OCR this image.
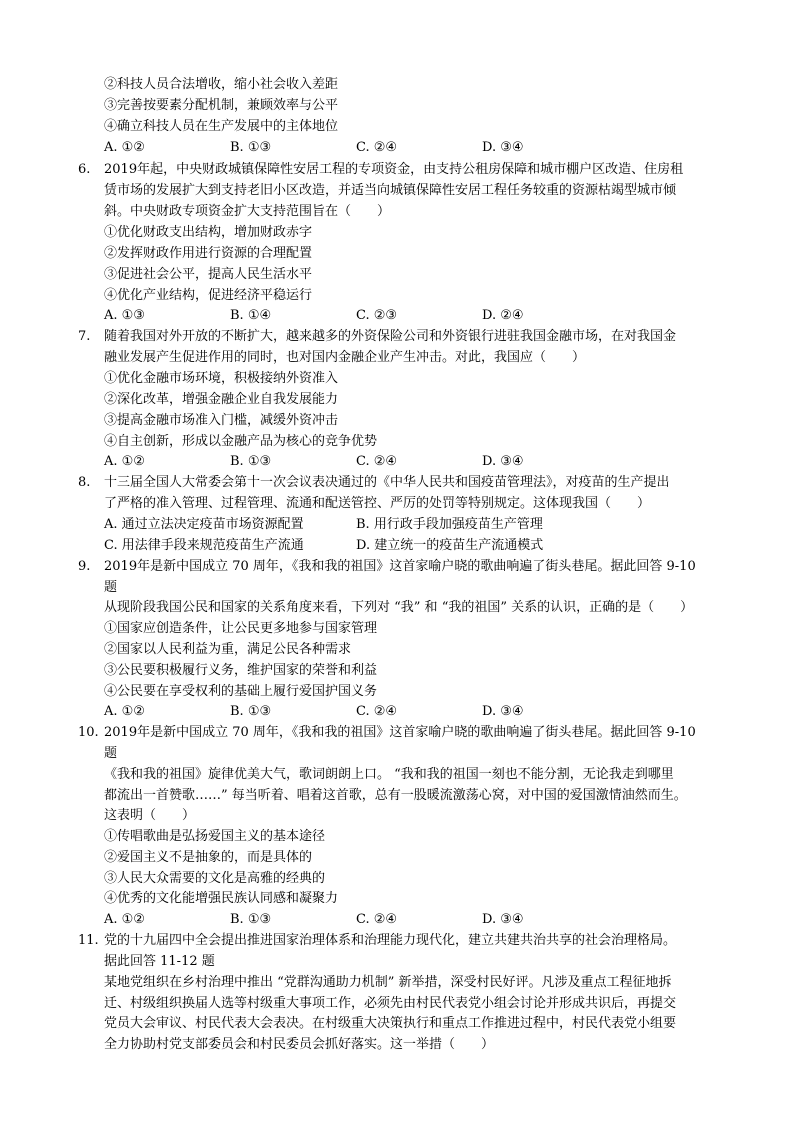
②科技人员合法增收，缩小社会收入差距
③完善按要素分配机制，兼顾效率与公平
④确立科技人员在生产发展中的主体地位
A. ①②	B. ①③	C. ②④	D. ③④
6. 2019年起，中央财政城镇保障性安居工程的专项资金，由支持公租房保障和城市棚户区改造、住房租
赁市场的发展扩大到支持老旧小区改造，并适当向城镇保障性安居工程任务较重的资源枯竭型城市倾
斜。中央财政专项资金扩大支持范围旨在（　　）
①优化财政支出结构，增加财政赤字
②发挥财政作用进行资源的合理配置
③促进社会公平，提高人民生活水平
④优化产业结构，促进经济平稳运行
A. ①③	B. ①④	C. ②③	D. ②④
7. 随着我国对外开放的不断扩大，越来越多的外资保险公司和外资银行进驻我国金融市场，在对我国金
融业发展产生促进作用的同时，也对国内金融企业产生冲击。对此，我国应（　　）
①优化金融市场环境，积极接纳外资准入
②深化改革，增强金融企业自我发展能力
③提高金融市场准入门槛，减缓外资冲击
④自主创新，形成以金融产品为核心的竞争优势
A. ①②	B. ①③	C. ②④	D. ③④
8. 十三届全国人大常委会第十一次会议表决通过的《中华人民共和国疫苗管理法》，对疫苗的生产提出
了严格的准入管理、过程管理、流通和配送管控、严厉的处罚等特别规定。这体现我国（　　）
A. 通过立法决定疫苗市场资源配置	B. 用行政手段加强疫苗生产管理
C. 用法律手段来规范疫苗生产流通	D. 建立统一的疫苗生产流通模式
9. 2019年是新中国成立 70 周年，《我和我的祖国》这首家喻户晓的歌曲响遍了街头巷尾。据此回答 9-10
题
从现阶段我国公民和国家的关系角度来看，下列对 “我” 和 “我的祖国” 关系的认识，正确的是（　　）
①国家应创造条件，让公民更多地参与国家管理
②国家以人民利益为重，满足公民各种需求
③公民要积极履行义务，维护国家的荣誉和利益
④公民要在享受权利的基础上履行爱国护国义务
A. ①②	B. ①③	C. ②④	D. ③④
10. 2019年是新中国成立 70 周年，《我和我的祖国》这首家喻户晓的歌曲响遍了街头巷尾。据此回答 9-10
题
《我和我的祖国》旋律优美大气，歌词朗朗上口。 “我和我的祖国一刻也不能分割，无论我走到哪里
都流出一首赞歌……” 每当听着、唱着这首歌，总有一股暖流激荡心窝，对中国的爱国激情油然而生。
这表明（　　）
①传唱歌曲是弘扬爱国主义的基本途径
②爱国主义不是抽象的，而是具体的
③人民大众需要的文化是高雅的经典的
④优秀的文化能增强民族认同感和凝聚力
A. ①②	B. ①③	C. ②④	D. ③④
11. 党的十九届四中全会提出推进国家治理体系和治理能力现代化，建立共建共治共享的社会治理格局。
据此回答 11-12 题
某地党组织在乡村治理中推出 “党群沟通助力机制” 新举措，深受村民好评。凡涉及重点工程征地拆
迁、村级组织换届人选等村级重大事项工作，必须先由村民代表党小组会讨论并形成共识后，再提交
党员大会审议、村民代表大会表决。在村级重大决策执行和重点工作推进过程中，村民代表党小组要
全力协助村党支部委员会和村民委员会抓好落实。这一举措（　　）
